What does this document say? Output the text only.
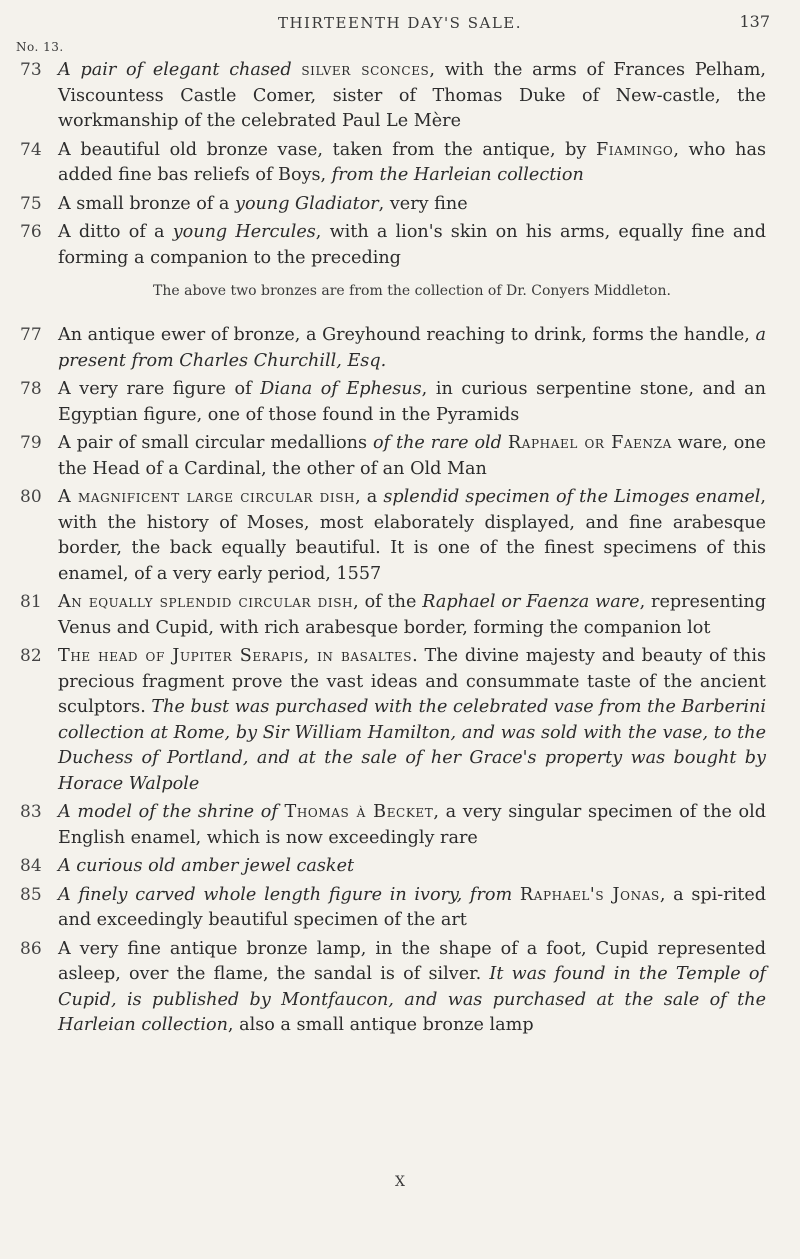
THIRTEENTH DAY'S SALE.	137
No. 13.
73 A pair of elegant chased silver sconces, with the arms of Frances Pelham, Viscountess Castle Comer, sister of Thomas Duke of New-castle, the workmanship of the celebrated Paul Le Mère
74 A beautiful old bronze vase, taken from the antique, by Fiamingo, who has added fine bas reliefs of Boys, from the Harleian collection
75 A small bronze of a young Gladiator, very fine
76 A ditto of a young Hercules, with a lion's skin on his arms, equally fine and forming a companion to the preceding
The above two bronzes are from the collection of Dr. Conyers Middleton.
77 An antique ewer of bronze, a Greyhound reaching to drink, forms the handle, a present from Charles Churchill, Esq.
78 A very rare figure of Diana of Ephesus, in curious serpentine stone, and an Egyptian figure, one of those found in the Pyramids
79 A pair of small circular medallions of the rare old Raphael or Faenza ware, one the Head of a Cardinal, the other of an Old Man
80 A magnificent large circular dish, a splendid specimen of the Limoges enamel, with the history of Moses, most elaborately displayed, and fine arabesque border, the back equally beautiful. It is one of the finest specimens of this enamel, of a very early period, 1557
81 An equally splendid circular dish, of the Raphael or Faenza ware, representing Venus and Cupid, with rich arabesque border, forming the companion lot
82 The head of Jupiter Serapis, in basaltes. The divine majesty and beauty of this precious fragment prove the vast ideas and consummate taste of the ancient sculptors. The bust was purchased with the celebrated vase from the Barberini collection at Rome, by Sir William Hamilton, and was sold with the vase, to the Duchess of Portland, and at the sale of her Grace's property was bought by Horace Walpole
83 A model of the shrine of Thomas à Becket, a very singular specimen of the old English enamel, which is now exceedingly rare
84 A curious old amber jewel casket
85 A finely carved whole length figure in ivory, from Raphael's Jonas, a spi-rited and exceedingly beautiful specimen of the art
86 A very fine antique bronze lamp, in the shape of a foot, Cupid represented asleep, over the flame, the sandal is of silver. It was found in the Temple of Cupid, is published by Montfaucon, and was purchased at the sale of the Harleian collection, also a small antique bronze lamp
X
